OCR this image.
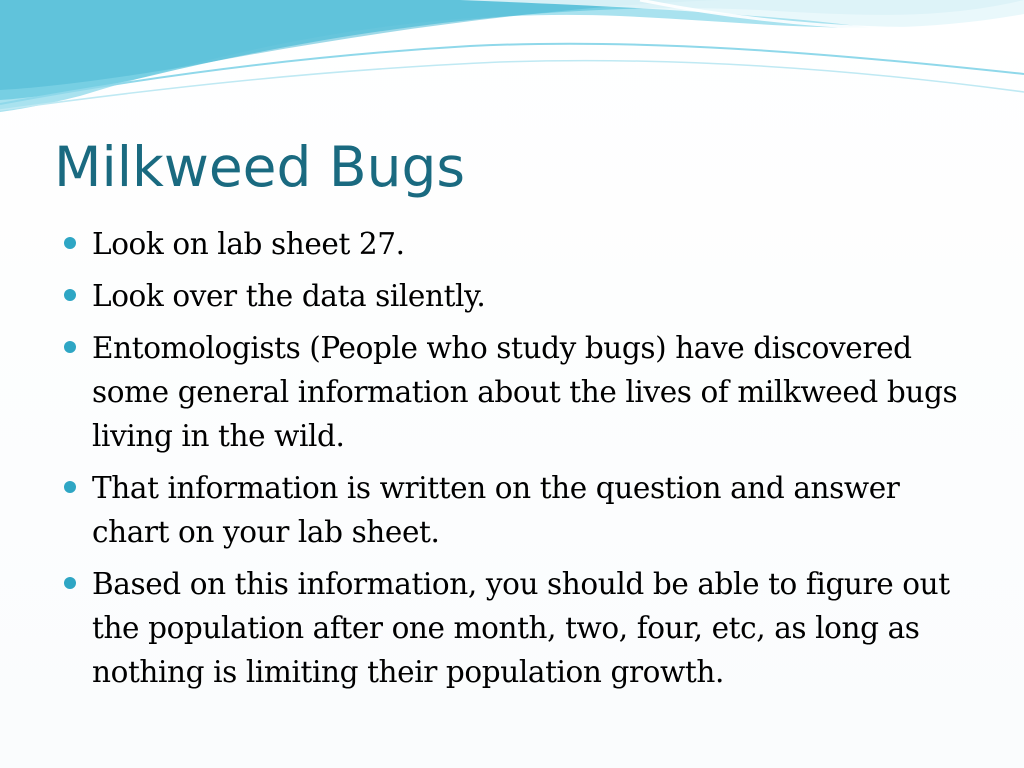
Milkweed Bugs
Look on lab sheet 27.
Look over the data silently.
Entomologists (People who study bugs) have discovered some general information about the lives of milkweed bugs living in the wild.
That information is written on the question and answer chart on your lab sheet.
Based on this information, you should be able to figure out the population after one month, two, four, etc, as long as nothing is limiting their population growth.
